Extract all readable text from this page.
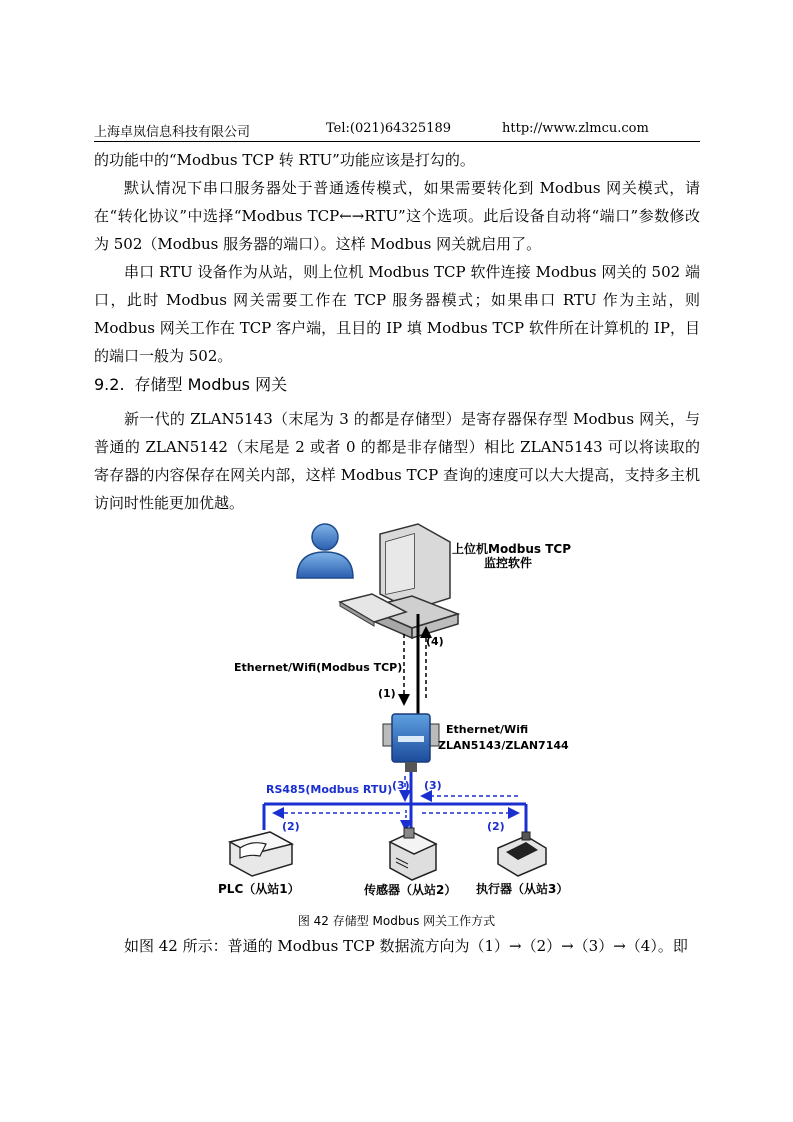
上海卓岚信息科技有限公司	Tel:(021)64325189	http://www.zlmcu.com

的功能中的“Modbus TCP 转 RTU”功能应该是打勾的。

默认情况下串口服务器处于普通透传模式，如果需要转化到 Modbus 网关模式，请在“转化协议”中选择“Modbus TCP←→RTU”这个选项。此后设备自动将“端口”参数修改为 502（Modbus 服务器的端口）。这样 Modbus 网关就启用了。

串口 RTU 设备作为从站，则上位机 Modbus TCP 软件连接 Modbus 网关的 502 端口，此时 Modbus 网关需要工作在 TCP 服务器模式；如果串口 RTU 作为主站，则 Modbus 网关工作在 TCP 客户端，且目的 IP 填 Modbus TCP 软件所在计算机的 IP，目的端口一般为 502。

9.2. 存储型 Modbus 网关

新一代的 ZLAN5143（末尾为 3 的都是存储型）是寄存器保存型 Modbus 网关，与普通的 ZLAN5142（末尾是 2 或者 0 的都是非存储型）相比 ZLAN5143 可以将读取的寄存器的内容保存在网关内部，这样 Modbus TCP 查询的速度可以大大提高，支持多主机访问时性能更加优越。

上位机Modbus TCP
监控软件
(4)
Ethernet/Wifi(Modbus TCP)
(1)
Ethernet/Wifi
ZLAN5143/ZLAN7144
RS485(Modbus RTU) (3) (3)
(2)	(2)
PLC（从站1）	传感器（从站2） 执行器（从站3）
图 42 存储型 Modbus 网关工作方式

如图 42 所示：普通的 Modbus TCP 数据流方向为（1）→（2）→（3）→（4）。即
